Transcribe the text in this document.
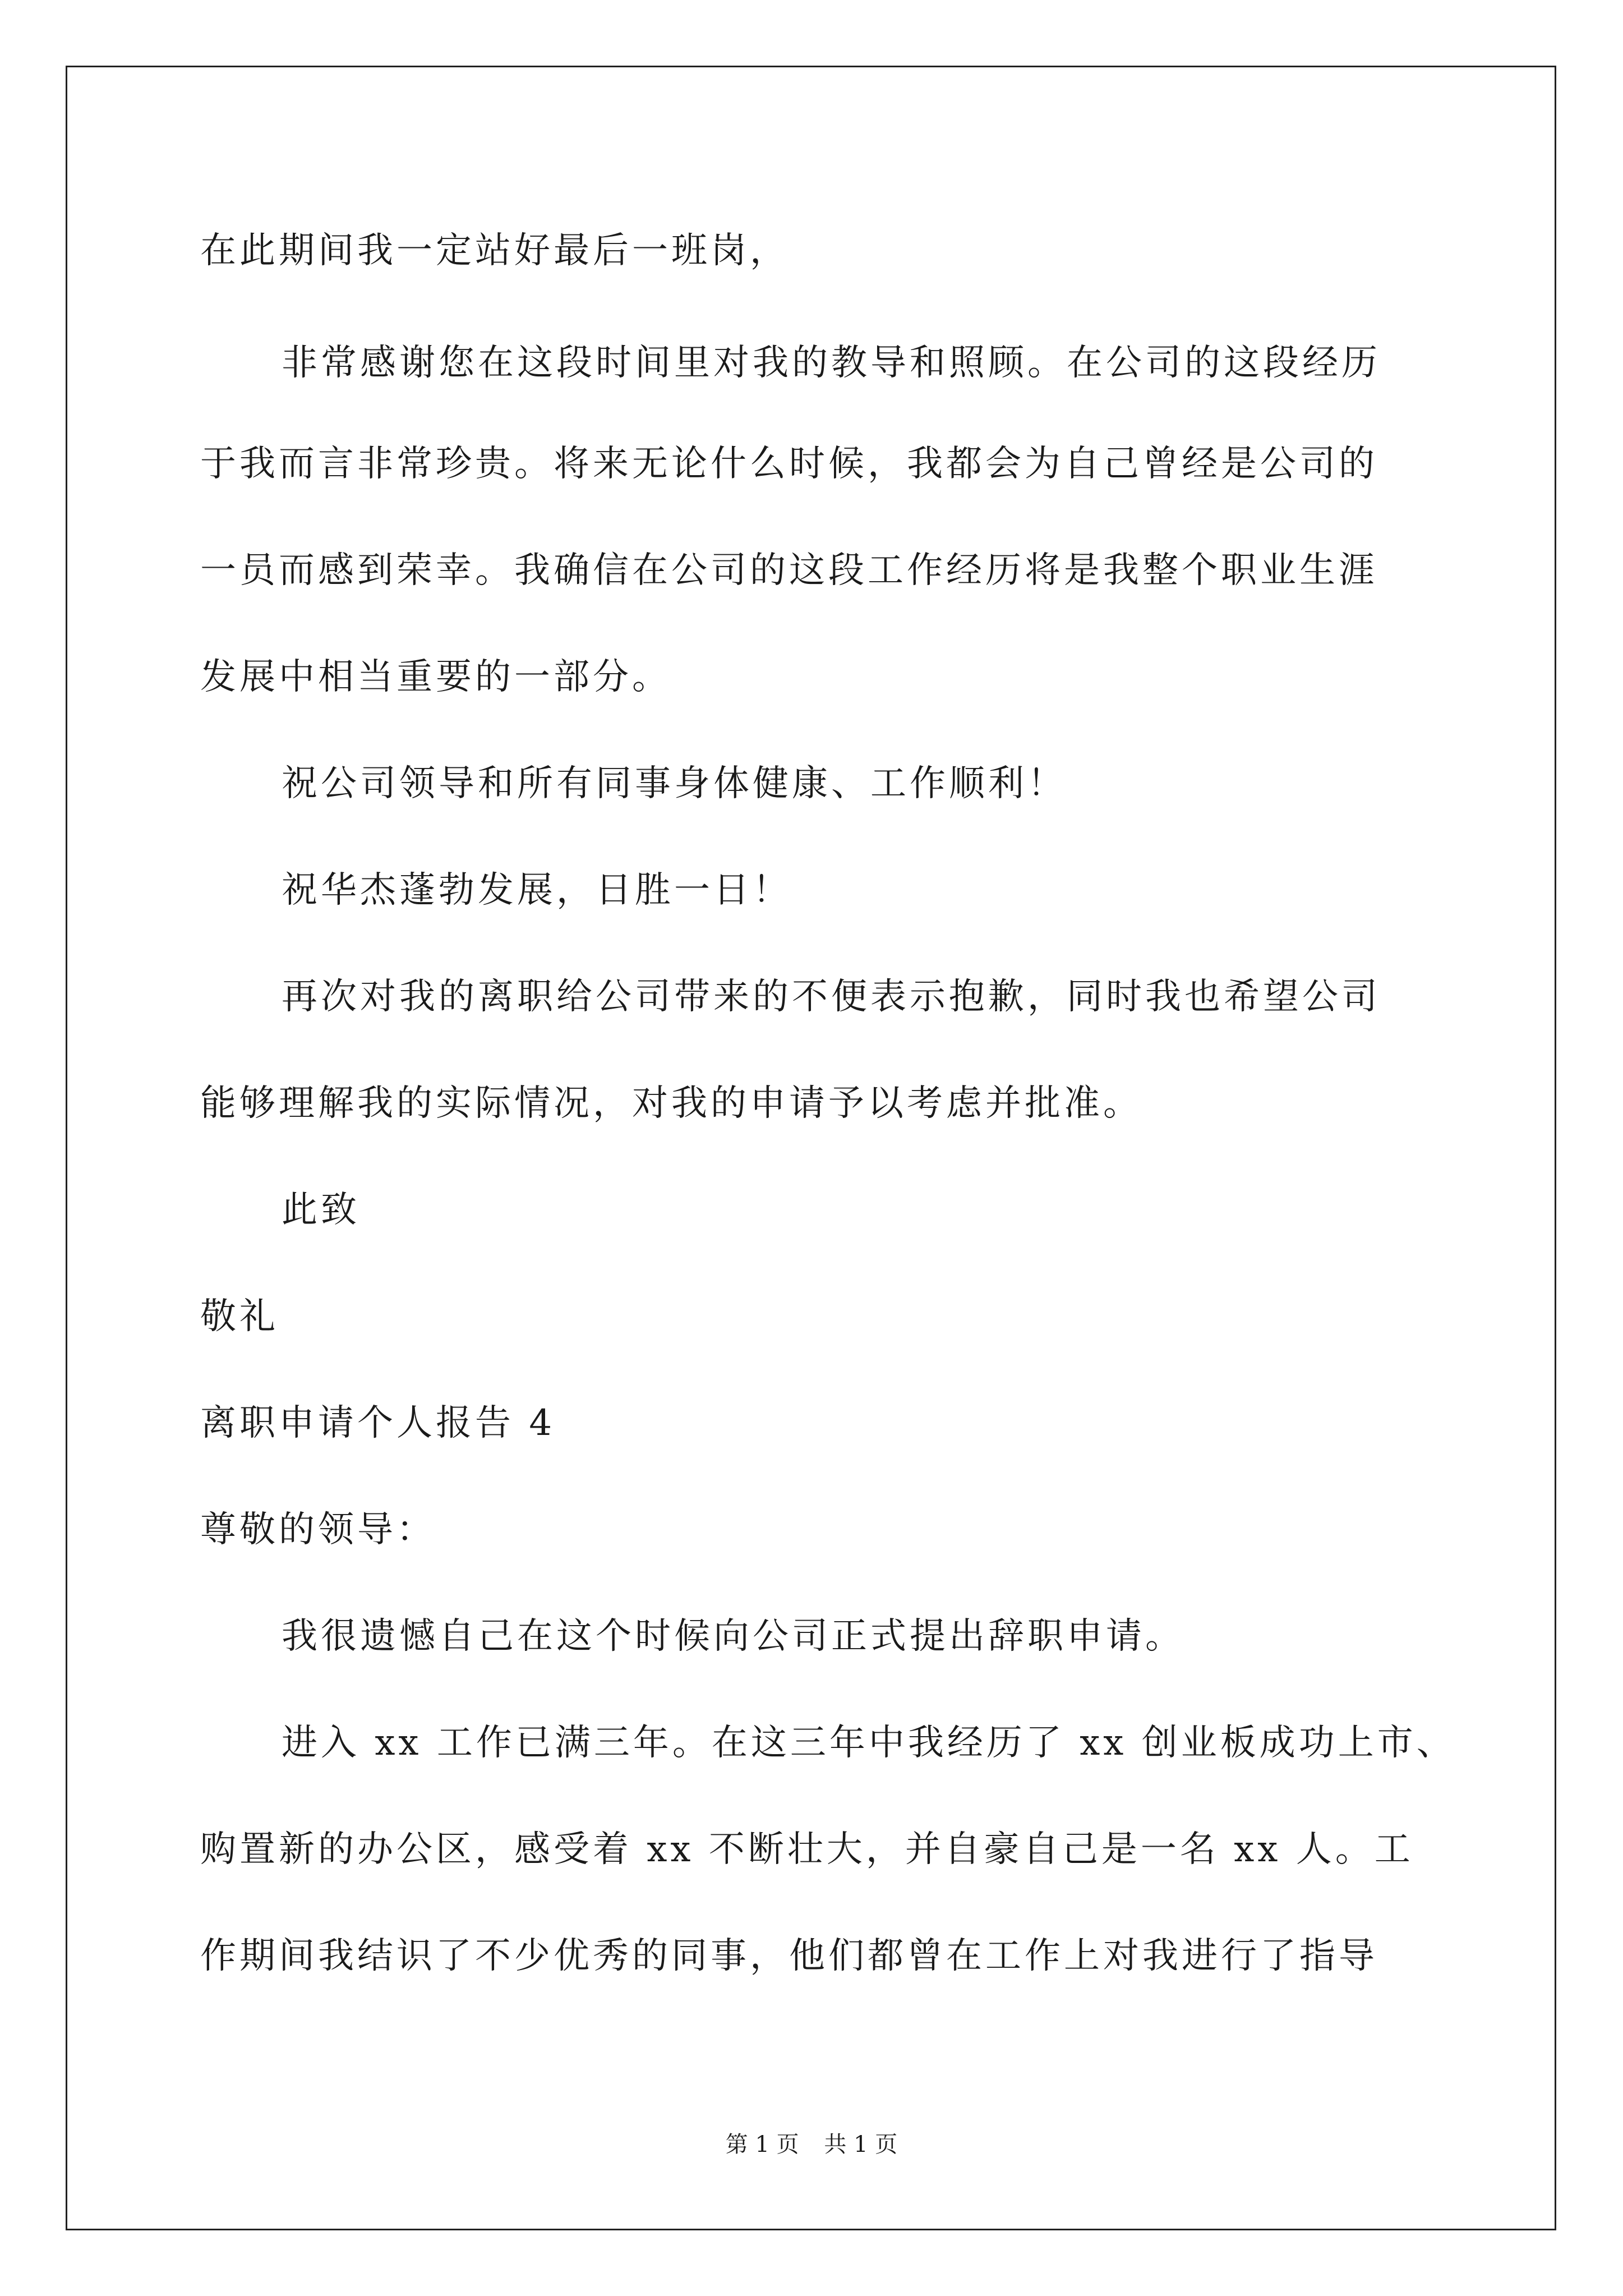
在此期间我一定站好最后一班岗，
非常感谢您在这段时间里对我的教导和照顾。在公司的这段经历
于我而言非常珍贵。将来无论什么时候，我都会为自己曾经是公司的
一员而感到荣幸。我确信在公司的这段工作经历将是我整个职业生涯
发展中相当重要的一部分。
祝公司领导和所有同事身体健康、工作顺利！
祝华杰蓬勃发展，日胜一日！
再次对我的离职给公司带来的不便表示抱歉，同时我也希望公司
能够理解我的实际情况，对我的申请予以考虑并批准。
此致
敬礼
离职申请个人报告 4
尊敬的领导：
我很遗憾自己在这个时候向公司正式提出辞职申请。
进入 xx 工作已满三年。在这三年中我经历了 xx 创业板成功上市、
购置新的办公区，感受着 xx 不断壮大，并自豪自己是一名 xx 人。工
作期间我结识了不少优秀的同事，他们都曾在工作上对我进行了指导
第 1 页 共 1 页
